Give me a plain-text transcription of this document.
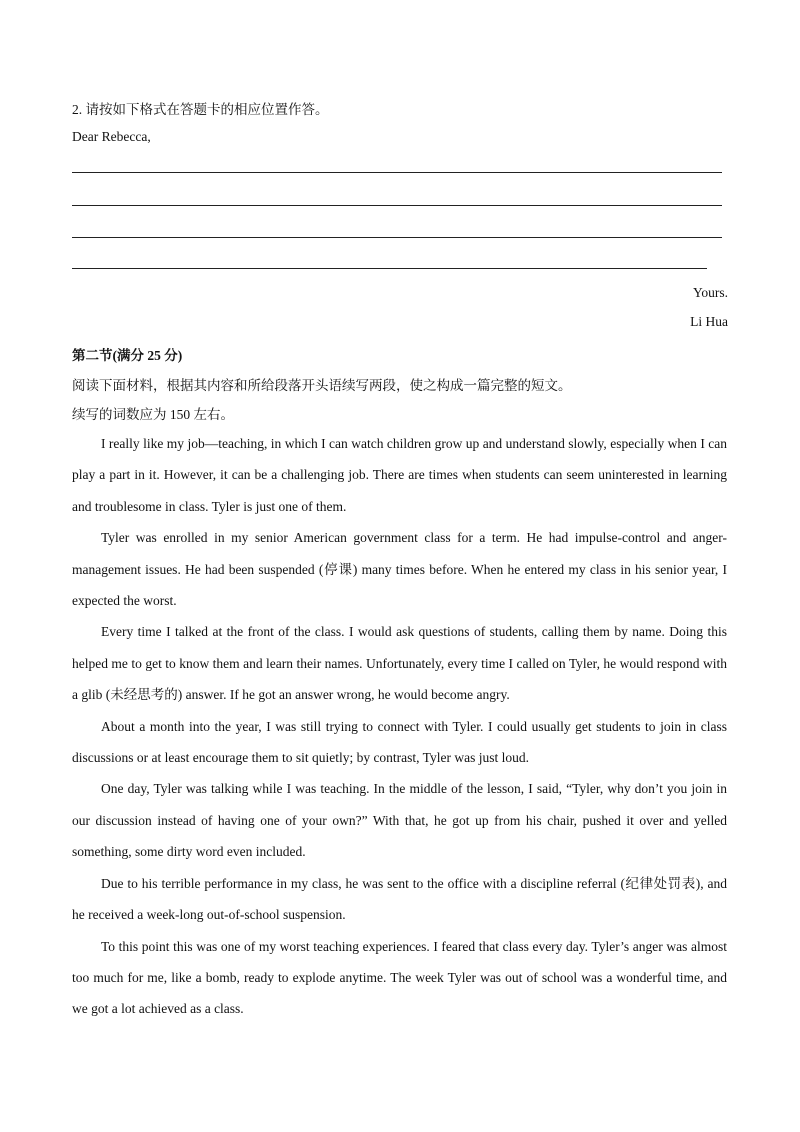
2. 请按如下格式在答题卡的相应位置作答。
Dear Rebecca,
Yours.
Li Hua
第二节(满分 25 分)
阅读下面材料，根据其内容和所给段落开头语续写两段，使之构成一篇完整的短文。
续写的词数应为 150 左右。

I really like my job—teaching, in which I can watch children grow up and understand slowly, especially when I can play a part in it. However, it can be a challenging job. There are times when students can seem uninterested in learning and troublesome in class. Tyler is just one of them.

Tyler was enrolled in my senior American government class for a term. He had impulse-control and anger-management issues. He had been suspended (停课) many times before. When he entered my class in his senior year, I expected the worst.

Every time I talked at the front of the class. I would ask questions of students, calling them by name. Doing this helped me to get to know them and learn their names. Unfortunately, every time I called on Tyler, he would respond with a glib (未经思考的) answer. If he got an answer wrong, he would become angry.

About a month into the year, I was still trying to connect with Tyler. I could usually get students to join in class discussions or at least encourage them to sit quietly; by contrast, Tyler was just loud.

One day, Tyler was talking while I was teaching. In the middle of the lesson, I said, “Tyler, why don’t you join in our discussion instead of having one of your own?” With that, he got up from his chair, pushed it over and yelled something, some dirty word even included.

Due to his terrible performance in my class, he was sent to the office with a discipline referral (纪律处罚表), and he received a week-long out-of-school suspension.

To this point this was one of my worst teaching experiences. I feared that class every day. Tyler’s anger was almost too much for me, like a bomb, ready to explode anytime. The week Tyler was out of school was a wonderful time, and we got a lot achieved as a class.
